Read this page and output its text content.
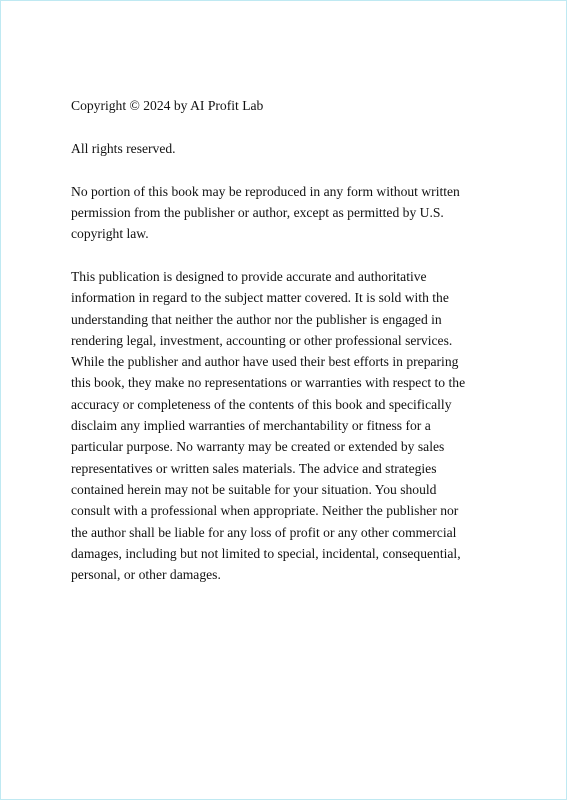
Copyright © 2024 by AI Profit Lab

All rights reserved.

No portion of this book may be reproduced in any form without written
permission from the publisher or author, except as permitted by U.S.
copyright law.

This publication is designed to provide accurate and authoritative
information in regard to the subject matter covered. It is sold with the
understanding that neither the author nor the publisher is engaged in
rendering legal, investment, accounting or other professional services.
While the publisher and author have used their best efforts in preparing
this book, they make no representations or warranties with respect to the
accuracy or completeness of the contents of this book and specifically
disclaim any implied warranties of merchantability or fitness for a
particular purpose. No warranty may be created or extended by sales
representatives or written sales materials. The advice and strategies
contained herein may not be suitable for your situation. You should
consult with a professional when appropriate. Neither the publisher nor
the author shall be liable for any loss of profit or any other commercial
damages, including but not limited to special, incidental, consequential,
personal, or other damages.
